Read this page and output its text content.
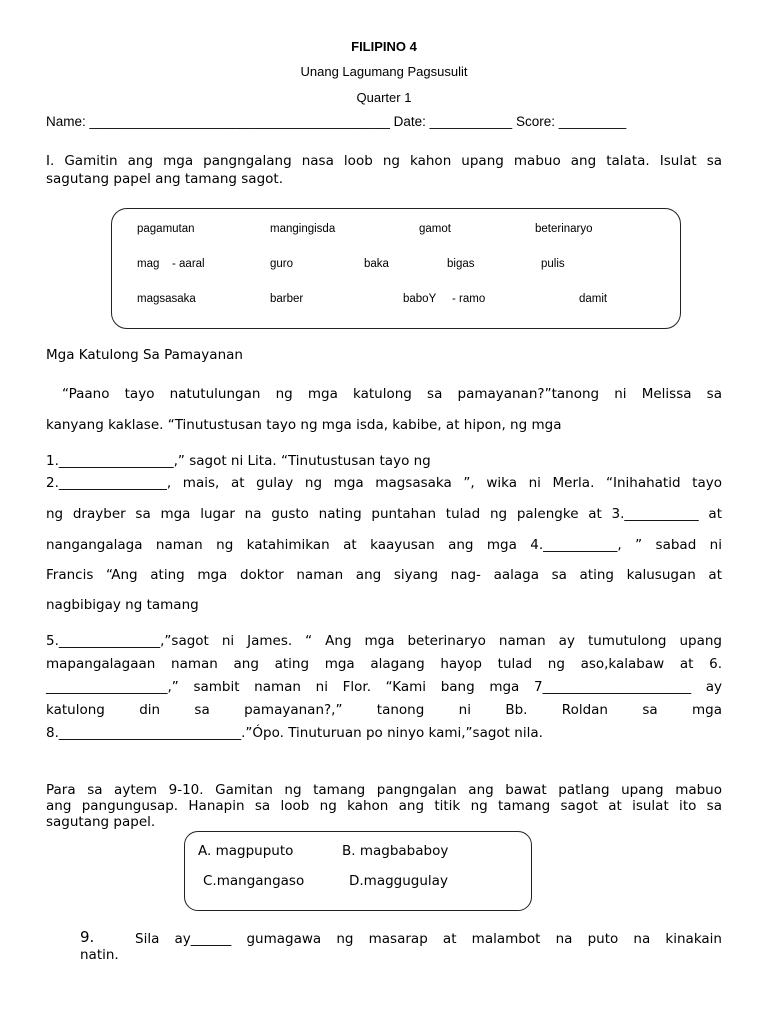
FILIPINO 4
Unang Lagumang Pagsusulit
Quarter 1
Name: ________________________________________ Date: ___________ Score: _________
I. Gamitin ang mga pangngalang nasa loob ng kahon upang mabuo ang talata. Isulat sa
sagutang papel ang tamang sagot.
pagamutan	mangingisda	gamot	beterinaryo
mag - aaral	guro	baka	bigas	pulis
magsasaka	barber	baboY - ramo	damit
Mga Katulong Sa Pamayanan
“Paano tayo natutulungan ng mga katulong sa pamayanan?”tanong ni Melissa sa
kanyang kaklase. “Tinutustusan tayo ng mga isda, kabibe, at hipon, ng mga
1._________________,” sagot ni Lita. “Tinutustusan tayo ng
2.________________, mais, at gulay ng mga magsasaka ”, wika ni Merla. “Inihahatid tayo
ng drayber sa mga lugar na gusto nating puntahan tulad ng palengke at 3.___________ at
nangangalaga naman ng katahimikan at kaayusan ang mga 4.___________, ” sabad ni
Francis “Ang ating mga doktor naman ang siyang nag- aalaga sa ating kalusugan at
nagbibigay ng tamang
5._______________,”sagot ni James. “ Ang mga beterinaryo naman ay tumutulong upang
mapangalagaan naman ang ating mga alagang hayop tulad ng aso,kalabaw at 6.
__________________,” sambit naman ni Flor. “Kami bang mga 7______________________ ay
katulong din sa pamayanan?,” tanong ni Bb. Roldan sa mga
8.___________________________.”Ópo. Tinuturuan po ninyo kami,”sagot nila.
Para sa aytem 9-10. Gamitan ng tamang pangngalan ang bawat patlang upang mabuo
ang pangungusap. Hanapin sa loob ng kahon ang titik ng tamang sagot at isulat ito sa
sagutang papel.
A. magpuputo	B. magbababoy
C.mangangaso	D.maggugulay
9.	Sila ay______ gumagawa ng masarap at malambot na puto na kinakain
natin.
